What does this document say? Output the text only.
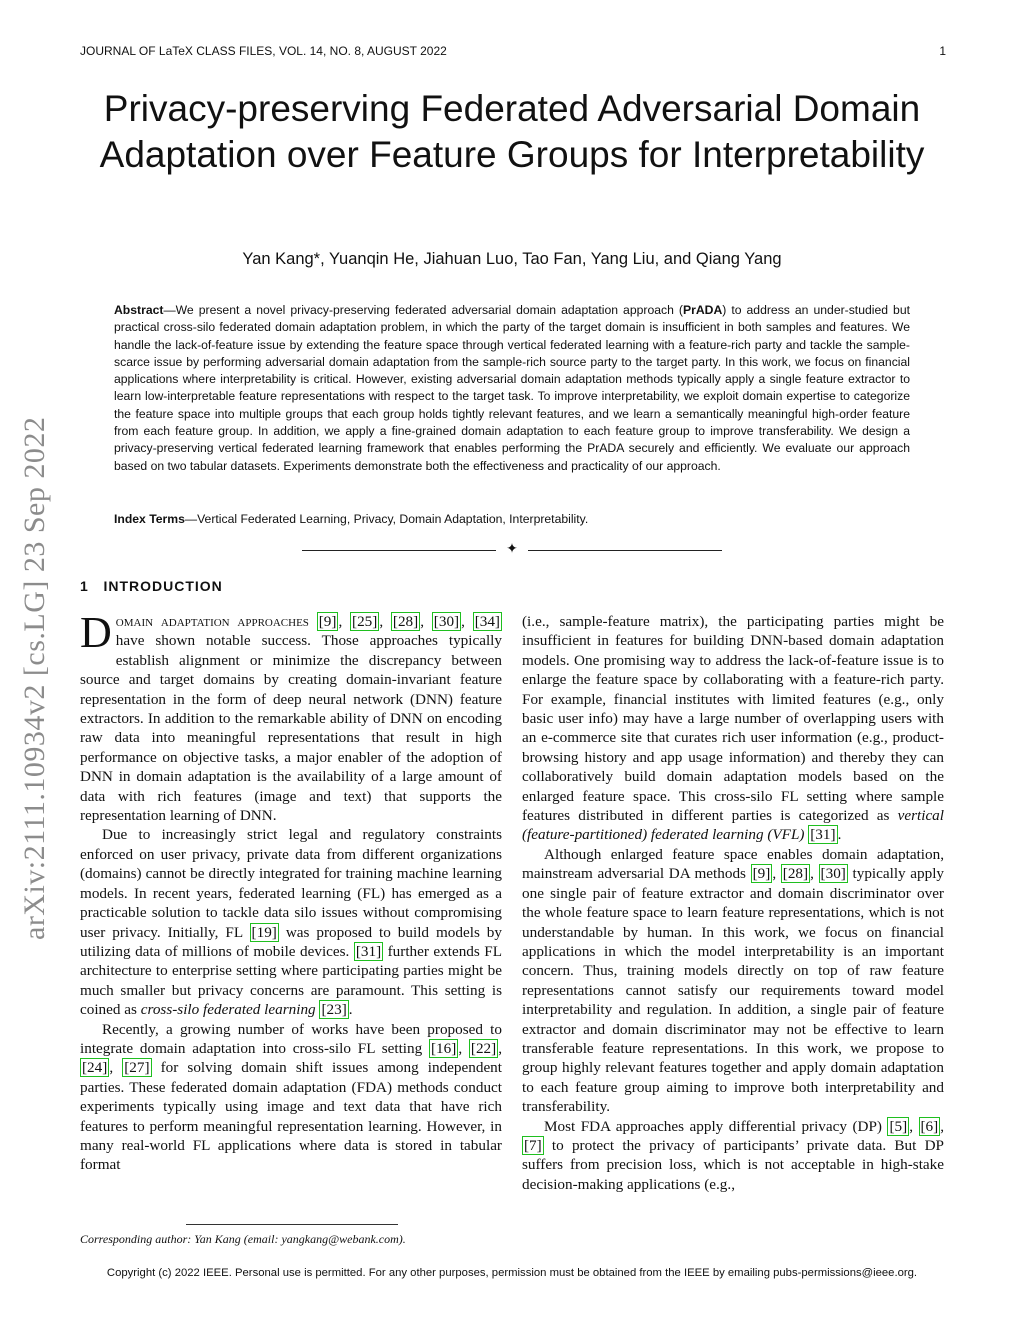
JOURNAL OF LaTeX CLASS FILES, VOL. 14, NO. 8, AUGUST 2022	1
arXiv:2111.10934v2 [cs.LG] 23 Sep 2022
Privacy-preserving Federated Adversarial Domain Adaptation over Feature Groups for Interpretability
Yan Kang*, Yuanqin He, Jiahuan Luo, Tao Fan, Yang Liu, and Qiang Yang
Abstract—We present a novel privacy-preserving federated adversarial domain adaptation approach (PrADA) to address an under-studied but practical cross-silo federated domain adaptation problem, in which the party of the target domain is insufficient in both samples and features. We handle the lack-of-feature issue by extending the feature space through vertical federated learning with a feature-rich party and tackle the sample-scarce issue by performing adversarial domain adaptation from the sample-rich source party to the target party. In this work, we focus on financial applications where interpretability is critical. However, existing adversarial domain adaptation methods typically apply a single feature extractor to learn low-interpretable feature representations with respect to the target task. To improve interpretability, we exploit domain expertise to categorize the feature space into multiple groups that each group holds tightly relevant features, and we learn a semantically meaningful high-order feature from each feature group. In addition, we apply a fine-grained domain adaptation to each feature group to improve transferability. We design a privacy-preserving vertical federated learning framework that enables performing the PrADA securely and efficiently. We evaluate our approach based on two tabular datasets. Experiments demonstrate both the effectiveness and practicality of our approach.
Index Terms—Vertical Federated Learning, Privacy, Domain Adaptation, Interpretability.
✦
1 INTRODUCTION

Domain adaptation approaches [9] , [25] , [28] , [30] , [34] have shown notable success. Those approaches typically establish alignment or minimize the discrepancy between source and target domains by creating domain-invariant feature representation in the form of deep neural network (DNN) feature extractors. In addition to the remarkable ability of DNN on encoding raw data into meaningful representations that result in high performance on objective tasks, a major enabler of the adoption of DNN in domain adaptation is the availability of a large amount of data with rich features (image and text) that supports the representation learning of DNN.

Due to increasingly strict legal and regulatory constraints enforced on user privacy, private data from different organizations (domains) cannot be directly integrated for training machine learning models. In recent years, federated learning (FL) has emerged as a practicable solution to tackle data silo issues without compromising user privacy. Initially, FL [19] was proposed to build models by utilizing data of millions of mobile devices. [31] further extends FL architecture to enterprise setting where participating parties might be much smaller but privacy concerns are paramount. This setting is coined as cross-silo federated learning [23] .

Recently, a growing number of works have been proposed to integrate domain adaptation into cross-silo FL setting [16] , [22] , [24] , [27] for solving domain shift issues among independent parties. These federated domain adaptation (FDA) methods conduct experiments typically using image and text data that have rich features to perform meaningful representation learning. However, in many real-world FL applications where data is stored in tabular format

(i.e., sample-feature matrix), the participating parties might be insufficient in features for building DNN-based domain adaptation models. One promising way to address the lack-of-feature issue is to enlarge the feature space by collaborating with a feature-rich party. For example, financial institutes with limited features (e.g., only basic user info) may have a large number of overlapping users with an e-commerce site that curates rich user information (e.g., product-browsing history and app usage information) and thereby they can collaboratively build domain adaptation models based on the enlarged feature space. This cross-silo FL setting where sample features distributed in different parties is categorized as vertical (feature-partitioned) federated learning (VFL) [31] .

Although enlarged feature space enables domain adaptation, mainstream adversarial DA methods [9] , [28] , [30] typically apply one single pair of feature extractor and domain discriminator over the whole feature space to learn feature representations, which is not understandable by human. In this work, we focus on financial applications in which the model interpretability is an important concern. Thus, training models directly on top of raw feature representations cannot satisfy our requirements toward model interpretability and regulation. In addition, a single pair of feature extractor and domain discriminator may not be effective to learn transferable feature representations. In this work, we propose to group highly relevant features together and apply domain adaptation to each feature group aiming to improve both interpretability and transferability.

Most FDA approaches apply differential privacy (DP) [5] , [6] , [7] to protect the privacy of participants’ private data. But DP suffers from precision loss, which is not acceptable in high-stake decision-making applications (e.g.,

Corresponding author: Yan Kang (email: yangkang@webank.com).
Copyright (c) 2022 IEEE. Personal use is permitted. For any other purposes, permission must be obtained from the IEEE by emailing pubs-permissions@ieee.org.
